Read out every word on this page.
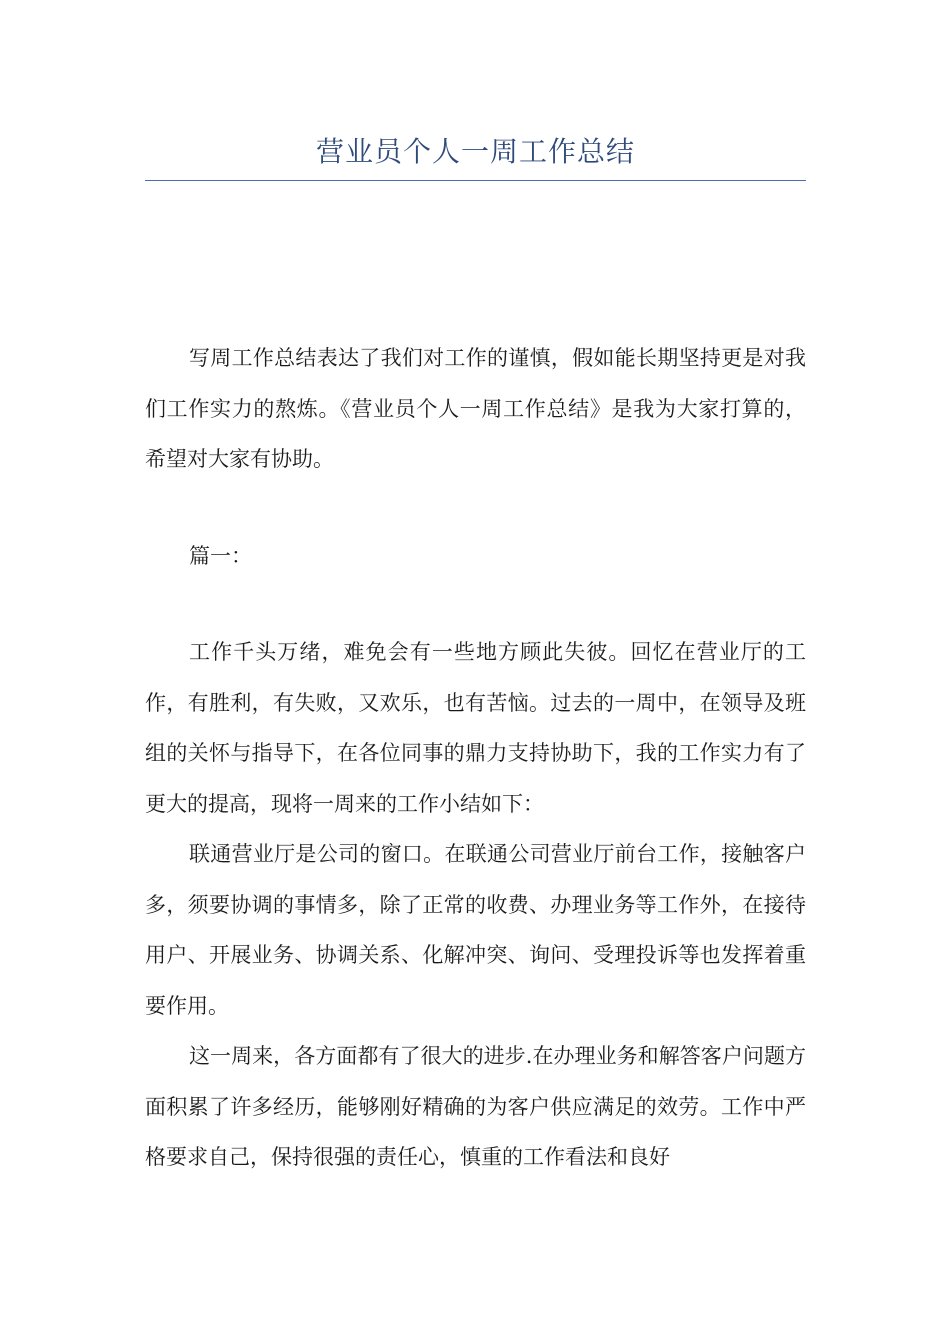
营业员个人一周工作总结

写周工作总结表达了我们对工作的谨慎，假如能长期坚持更是对我们工作实力的熬炼。《营业员个人一周工作总结》是我为大家打算的，希望对大家有协助。

篇一：

工作千头万绪，难免会有一些地方顾此失彼。回忆在营业厅的工作，有胜利，有失败，又欢乐，也有苦恼。过去的一周中，在领导及班组的关怀与指导下，在各位同事的鼎力支持协助下，我的工作实力有了更大的提高，现将一周来的工作小结如下：

联通营业厅是公司的窗口。在联通公司营业厅前台工作，接触客户多，须要协调的事情多，除了正常的收费、办理业务等工作外，在接待用户、开展业务、协调关系、化解冲突、询问、受理投诉等也发挥着重要作用。

这一周来，各方面都有了很大的进步.在办理业务和解答客户问题方面积累了许多经历，能够刚好精确的为客户供应满足的效劳。工作中严格要求自己，保持很强的责任心，慎重的工作看法和良好
